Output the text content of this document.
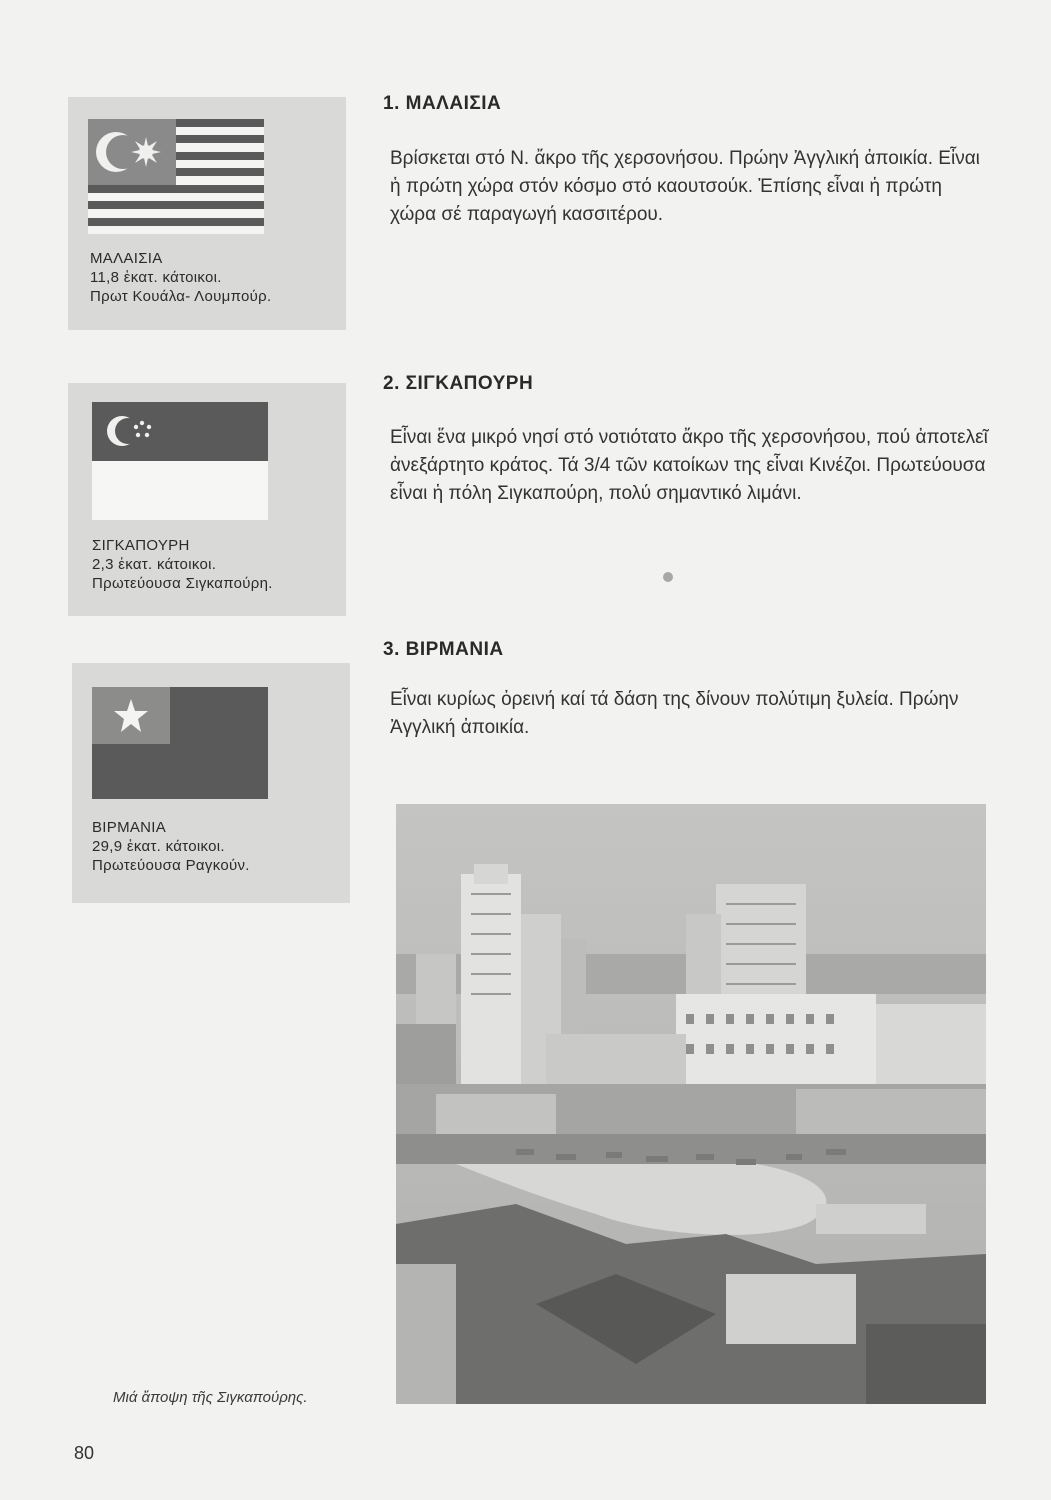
ΜΑΛΑΙΣΙΑ
11,8 ἑκατ. κάτοικοι.
Πρωτ Κουάλα- Λουμπούρ.
ΣΙΓΚΑΠΟΥΡΗ
2,3 ἑκατ. κάτοικοι.
Πρωτεύουσα Σιγκαπούρη.
ΒΙΡΜΑΝΙΑ
29,9 ἑκατ. κάτοικοι.
Πρωτεύουσα Ραγκούν.
1. ΜΑΛΑΙΣΙΑ

Βρίσκεται στό Ν. ἄκρο τῆς χερσονήσου. Πρώην Ἀγγλική ἀποικία. Εἶναι ἡ πρώτη χώρα στόν κόσμο στό καουτσούκ. Ἐπίσης εἶναι ἡ πρώτη χώρα σέ παραγωγή κασσιτέρου.

2. ΣΙΓΚΑΠΟΥΡΗ

Εἶναι ἕνα μικρό νησί στό νοτιότατο ἄκρο τῆς χερσονήσου, πού ἀποτελεῖ ἀνεξάρτητο κράτος. Τά 3/4 τῶν κατοίκων της εἶναι Κινέζοι. Πρωτεύουσα εἶναι ἡ πόλη Σιγκαπούρη, πολύ σημαντικό λιμάνι.

3. ΒΙΡΜΑΝΙΑ

Εἶναι κυρίως ὀρεινή καί τά δάση της δίνουν πολύτιμη ξυλεία. Πρώην Ἀγγλική ἀποικία.

Μιά ἄποψη τῆς Σιγκαπούρης.
80
